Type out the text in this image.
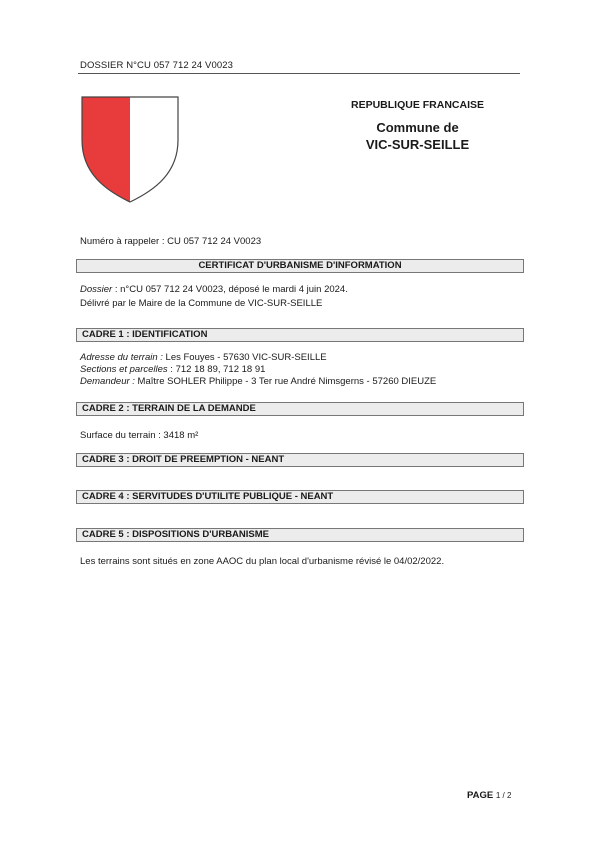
DOSSIER N°CU 057 712 24 V0023
REPUBLIQUE FRANCAISE
Commune de
VIC-SUR-SEILLE
Numéro à rappeler : CU 057 712 24 V0023
CERTIFICAT D'URBANISME D'INFORMATION
Dossier : n°CU 057 712 24 V0023, déposé le mardi 4 juin 2024.
Délivré par le Maire de la Commune de VIC-SUR-SEILLE
CADRE 1 : IDENTIFICATION
Adresse du terrain : Les Fouyes - 57630 VIC-SUR-SEILLE
Sections et parcelles : 712 18 89, 712 18 91
Demandeur : Maître SOHLER Philippe - 3 Ter rue André Nimsgerns - 57260 DIEUZE
CADRE 2 : TERRAIN DE LA DEMANDE
Surface du terrain : 3418 m²
CADRE 3 : DROIT DE PREEMPTION - NEANT
CADRE 4 : SERVITUDES D'UTILITE PUBLIQUE - NEANT
CADRE 5 : DISPOSITIONS D'URBANISME
Les terrains sont situés en zone AAOC du plan local d'urbanisme révisé le 04/02/2022.
PAGE 1 / 2
